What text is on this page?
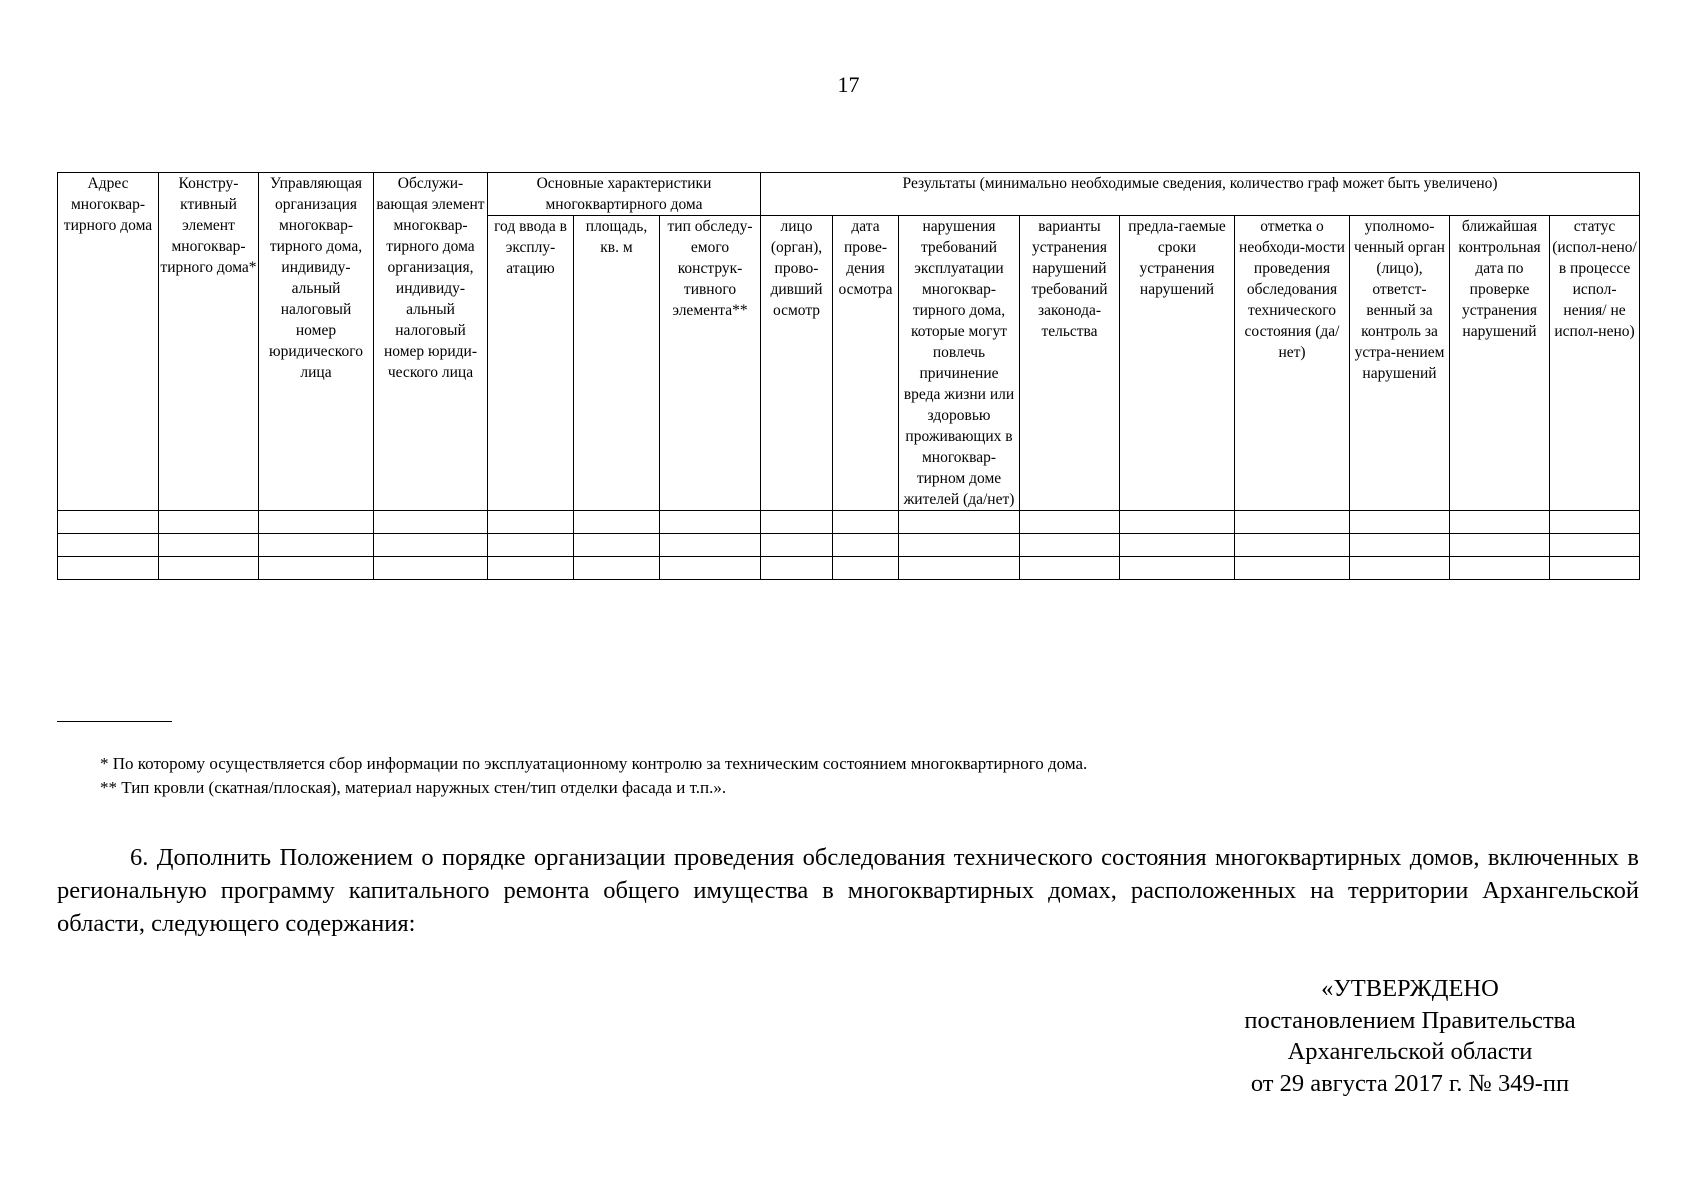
17
Адрес многоквар-тирного дома	Констру-ктивный элемент многоквар-тирного дома*	Управляющая организация многоквар-тирного дома, индивиду-альный налоговый номер юридического лица	Обслужи-вающая элемент многоквар-тирного дома организация, индивиду-альный налоговый номер юриди-ческого лица	Основные характеристики многоквартирного дома			Результаты (минимально необходимые сведения, количество граф может быть увеличено)								
				год ввода в эксплу-атацию	площадь, кв. м	тип обследу-емого конструк-тивного элемента**	лицо (орган), прово-дивший осмотр	дата прове-дения осмотра	нарушения требований эксплуатации многоквар-тирного дома, которые могут повлечь причинение вреда жизни или здоровью проживающих в многоквар-тирном доме жителей (да/нет)	варианты устранения нарушений требований законода-тельства	предла-гаемые сроки устранения нарушений	отметка о необходи-мости проведения обследования технического состояния (да/нет)	уполномо-ченный орган (лицо), ответст-венный за контроль за устра-нением нарушений	ближайшая контрольная дата по проверке устранения нарушений	статус (испол-нено/ в процессе испол-нения/ не испол-нено)

* По которому осуществляется сбор информации по эксплуатационному контролю за техническим состоянием многоквартирного дома.
** Тип кровли (скатная/плоская), материал наружных стен/тип отделки фасада и т.п.».
6. Дополнить Положением о порядке организации проведения обследования технического состояния многоквартирных домов, включенных в региональную программу капитального ремонта общего имущества в многоквартирных домах, расположенных на территории Архангельской области, следующего содержания:
«УТВЕРЖДЕНО
постановлением Правительства
Архангельской области
от 29 августа 2017 г. № 349-пп
